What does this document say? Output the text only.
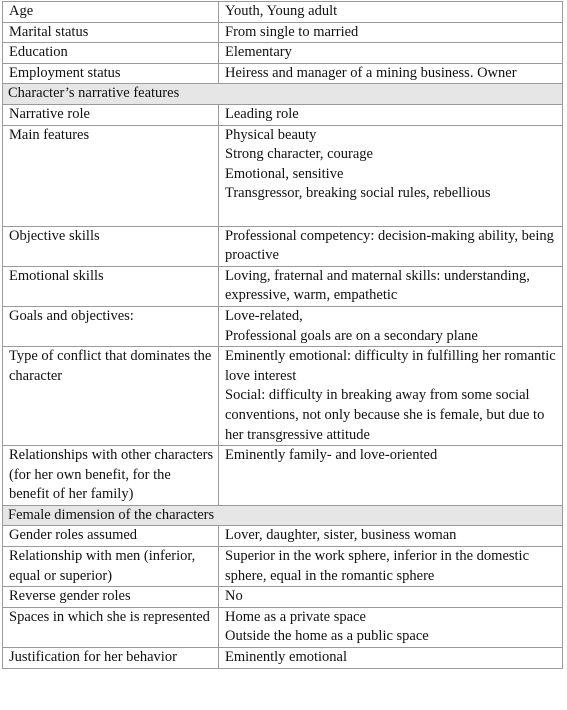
Age	Youth, Young adult

Marital status	From single to married

Education	Elementary

Employment status	Heiress and manager of a mining business. Owner

Character’s narrative features	
Narrative role	Leading role

Main features	Physical beauty
Strong character, courage
Emotional, sensitive
Transgressor, breaking social rules, rebellious

Objective skills	Professional competency: decision-making ability, being proactive

Emotional skills	Loving, fraternal and maternal skills: understanding, expressive, warm, empathetic

Goals and objectives:	Love-related,
Professional goals are on a secondary plane

Type of conflict that dominates the character	Eminently emotional: difficulty in fulfilling her romantic love interest
Social: difficulty in breaking away from some social conventions, not only because she is female, but due to her transgressive attitude

Relationships with other characters (for her own benefit, for the benefit of her family)	Eminently family- and love-oriented

Female dimension of the characters	
Gender roles assumed	Lover, daughter, sister, business woman

Relationship with men (inferior, equal or superior)	Superior in the work sphere, inferior in the domestic sphere, equal in the romantic sphere

Reverse gender roles	No

Spaces in which she is represented	Home as a private space
Outside the home as a public space

Justification for her behavior	Eminently emotional
